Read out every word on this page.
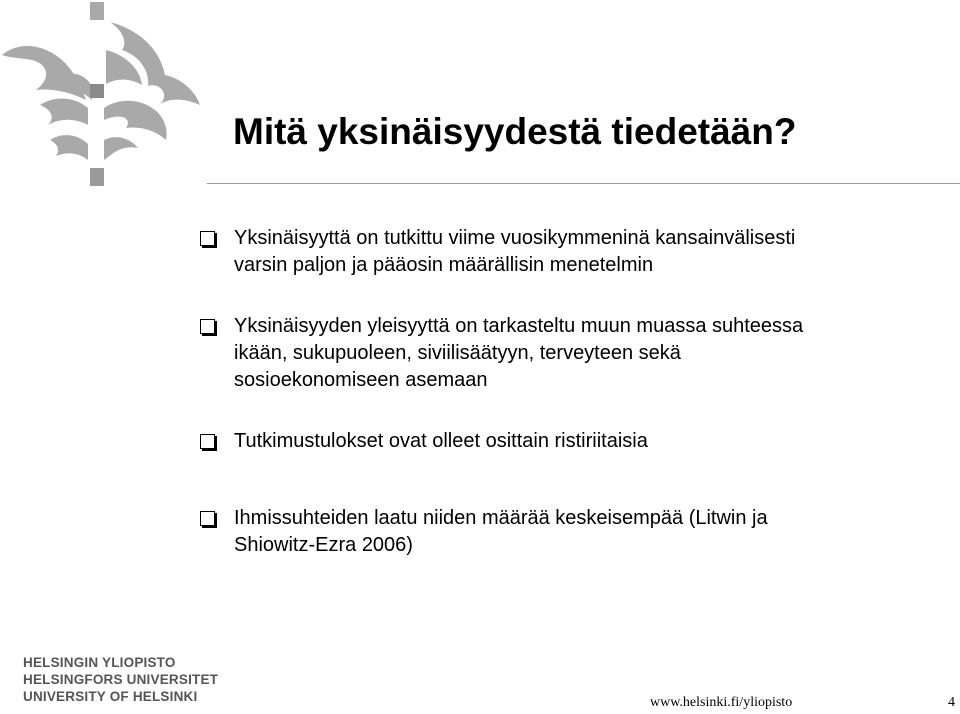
Mitä yksinäisyydestä tiedetään?
Yksinäisyyttä on tutkittu viime vuosikymmeninä kansainvälisesti
varsin paljon ja pääosin määrällisin menetelmin
Yksinäisyyden yleisyyttä on tarkasteltu muun muassa suhteessa
ikään, sukupuoleen, siviilisäätyyn, terveyteen sekä
sosioekonomiseen asemaan
Tutkimustulokset ovat olleet osittain ristiriitaisia
Ihmissuhteiden laatu niiden määrää keskeisempää (Litwin ja
Shiowitz-Ezra 2006)
HELSINGIN YLIOPISTO
HELSINGFORS UNIVERSITET
UNIVERSITY OF HELSINKI	www.helsinki.fi/yliopisto	4
